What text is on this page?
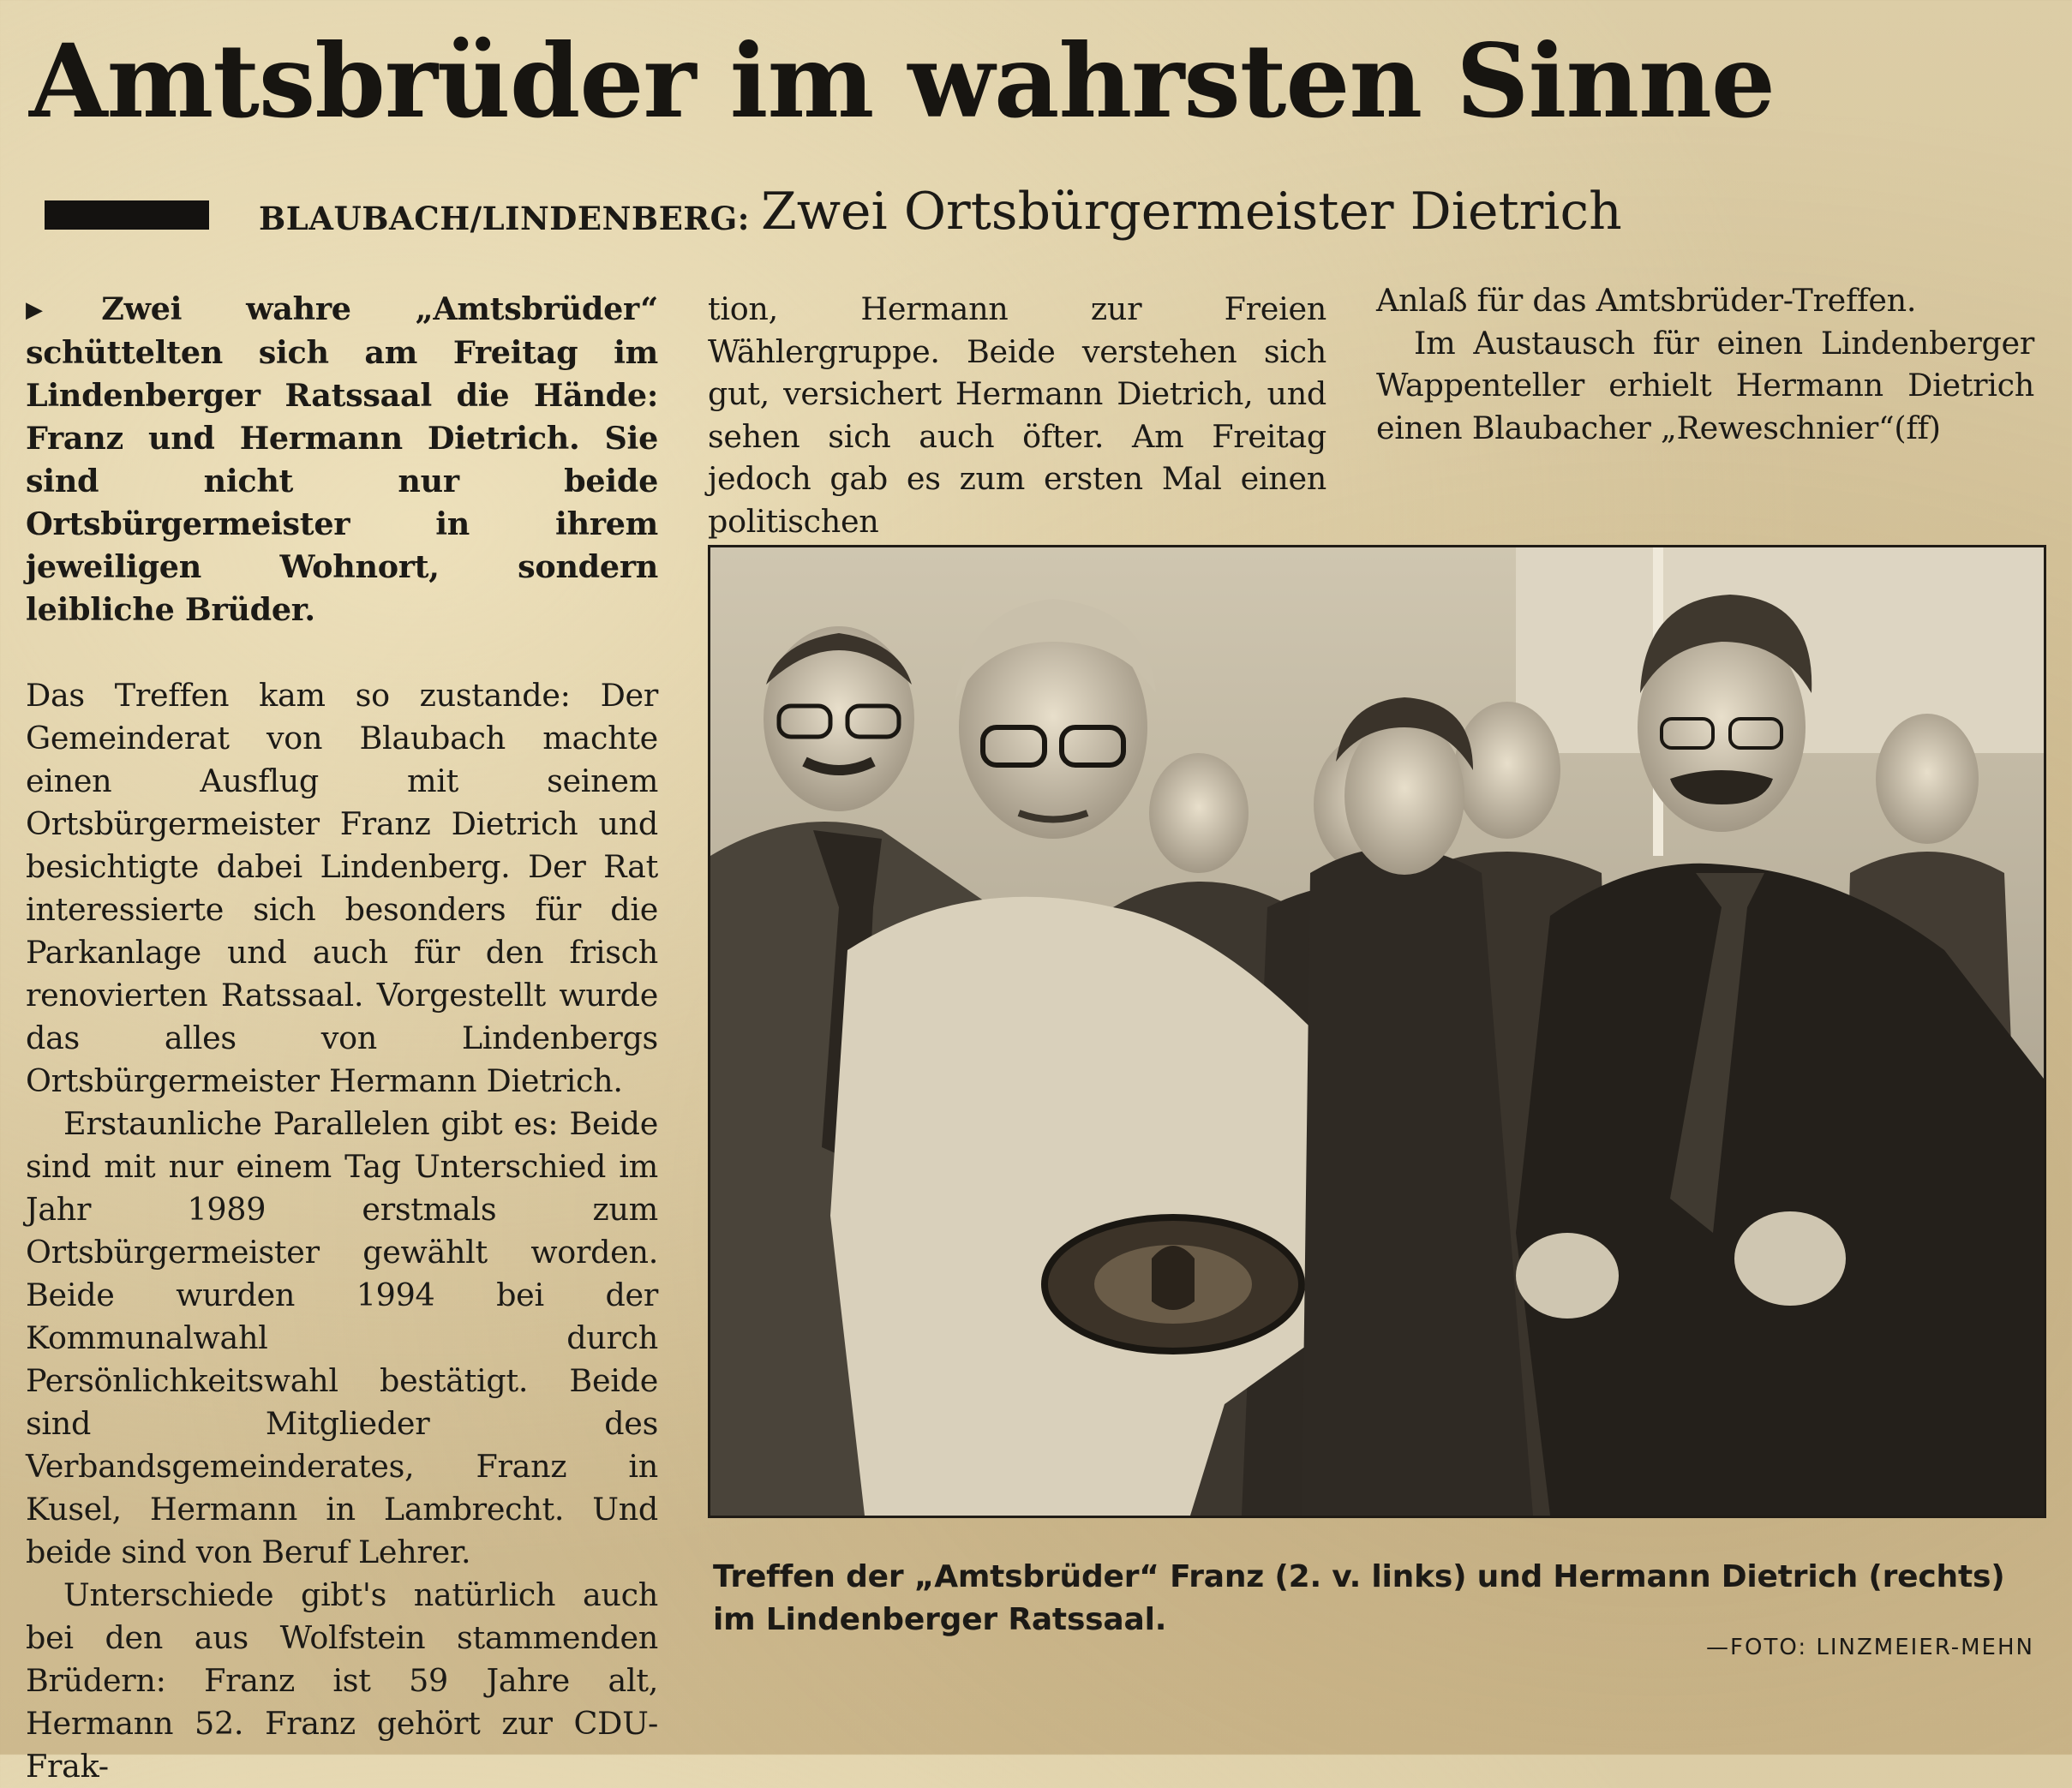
Amtsbrüder im wahrsten Sinne

BLAUBACH/LINDENBERG: Zwei Ortsbürgermeister Dietrich

▶ Zwei wahre „Amtsbrüder“ schüttelten sich am Freitag im Lindenberger Ratssaal die Hände: Franz und Hermann Dietrich. Sie sind nicht nur beide Ortsbürgermeister in ihrem jeweiligen Wohnort, sondern leibliche Brüder.

Das Treffen kam so zustande: Der Gemeinderat von Blaubach machte einen Ausflug mit seinem Ortsbürgermeister Franz Dietrich und besichtigte dabei Lindenberg. Der Rat interessierte sich besonders für die Parkanlage und auch für den frisch renovierten Ratssaal. Vorgestellt wurde das alles von Lindenbergs Ortsbürgermeister Hermann Dietrich.

Erstaunliche Parallelen gibt es: Beide sind mit nur einem Tag Unterschied im Jahr 1989 erstmals zum Ortsbürgermeister gewählt worden. Beide wurden 1994 bei der Kommunalwahl durch Persönlichkeitswahl bestätigt. Beide sind Mitglieder des Verbandsgemeinderates, Franz in Kusel, Hermann in Lambrecht. Und beide sind von Beruf Lehrer.

Unterschiede gibt's natürlich auch bei den aus Wolfstein stammenden Brüdern: Franz ist 59 Jahre alt, Hermann 52. Franz gehört zur CDU-Frak-

tion, Hermann zur Freien Wählergruppe. Beide verstehen sich gut, versichert Hermann Dietrich, und sehen sich auch öfter. Am Freitag jedoch gab es zum ersten Mal einen politischen

Anlaß für das Amtsbrüder-Treffen.

Im Austausch für einen Lindenberger Wappenteller erhielt Hermann Dietrich einen Blaubacher „Reweschnier“(ff)

Treffen der „Amtsbrüder“ Franz (2. v. links) und Hermann Dietrich (rechts) im Lindenberger Ratssaal.

—FOTO: LINZMEIER-MEHN
